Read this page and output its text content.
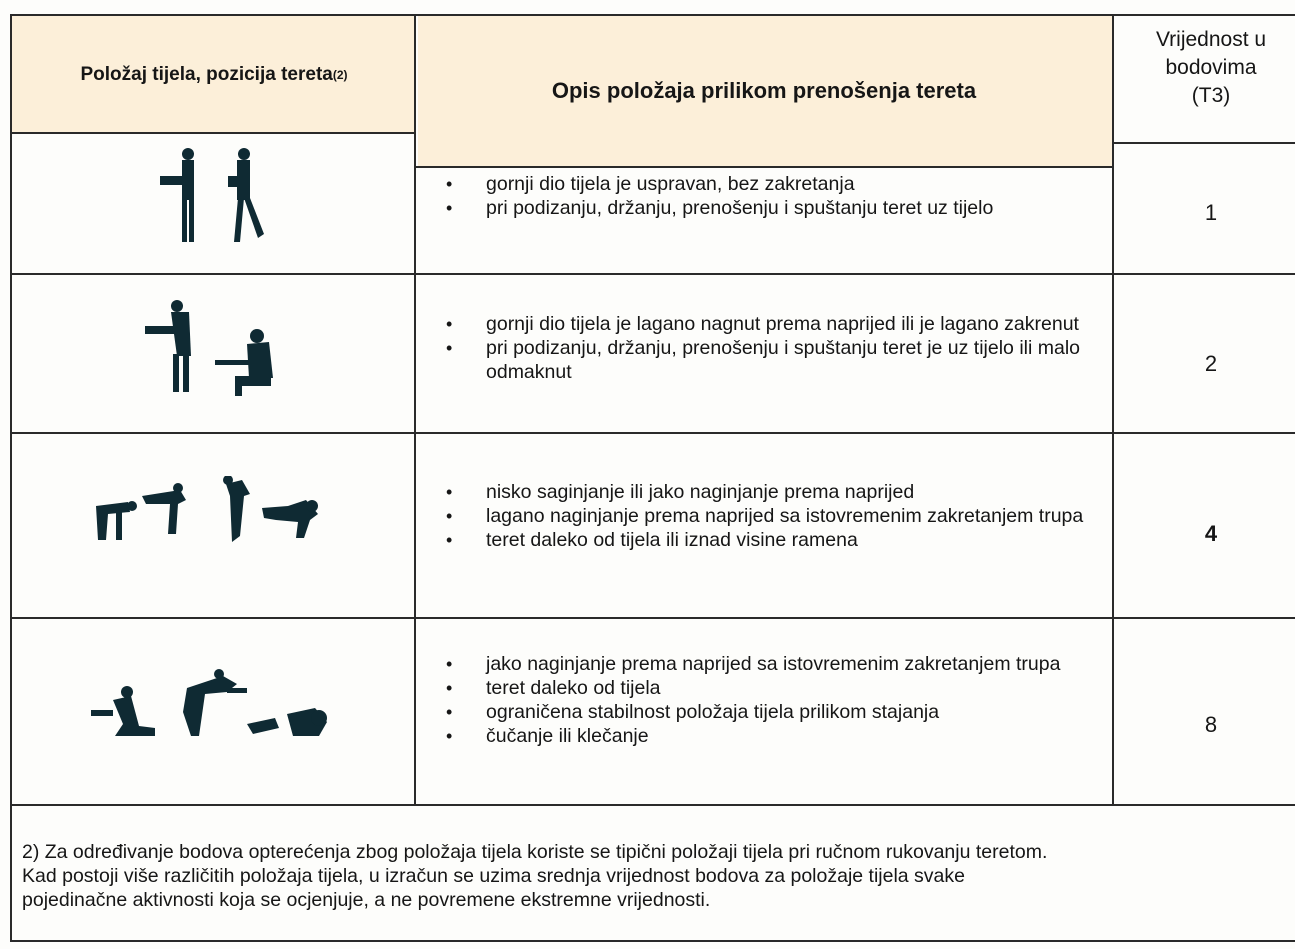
Položaj tijela, pozicija tereta (2)
Opis položaja prilikom prenošenja tereta
Vrijednost u
bodovima
(T3)
• gornji dio tijela je uspravan, bez zakretanja
• pri podizanju, držanju, prenošenju i spuštanju teret uz tijelo	1
• gornji dio tijela je lagano nagnut prema naprijed ili je lagano zakrenut
• pri podizanju, držanju, prenošenju i spuštanju teret je uz tijelo ili malo odmaknut	2
• nisko saginjanje ili jako naginjanje prema naprijed
• lagano naginjanje prema naprijed sa istovremenim zakretanjem trupa
• teret daleko od tijela ili iznad visine ramena	4
• jako naginjanje prema naprijed sa istovremenim zakretanjem trupa
• teret daleko od tijela
• ograničena stabilnost položaja tijela prilikom stajanja
• čučanje ili klečanje	8
2) Za određivanje bodova opterećenja zbog položaja tijela koriste se tipični položaji tijela pri ručnom rukovanju teretom.
Kad postoji više različitih položaja tijela, u izračun se uzima srednja vrijednost bodova za položaje tijela svake
pojedinačne aktivnosti koja se ocjenjuje, a ne povremene ekstremne vrijednosti.
